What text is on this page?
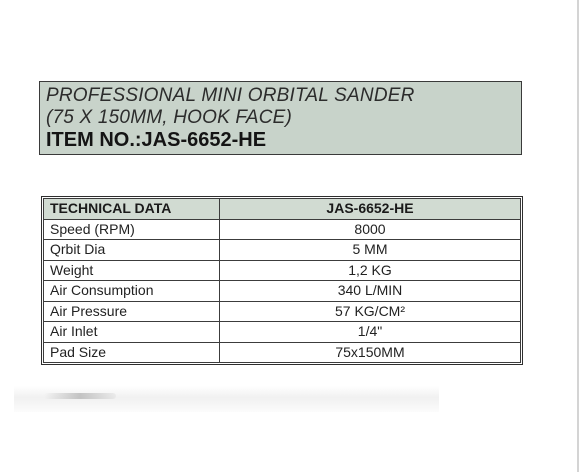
PROFESSIONAL MINI ORBITAL SANDER
(75 X 150MM, HOOK FACE)
ITEM NO.:JAS-6652-HE
TECHNICAL DATA	JAS-6652-HE
Speed (RPM)	8000
Qrbit Dia	5 MM
Weight	1,2 KG
Air Consumption	340 L/MIN
Air Pressure	57 KG/CM²
Air Inlet	1/4"
Pad Size	75x150MM
